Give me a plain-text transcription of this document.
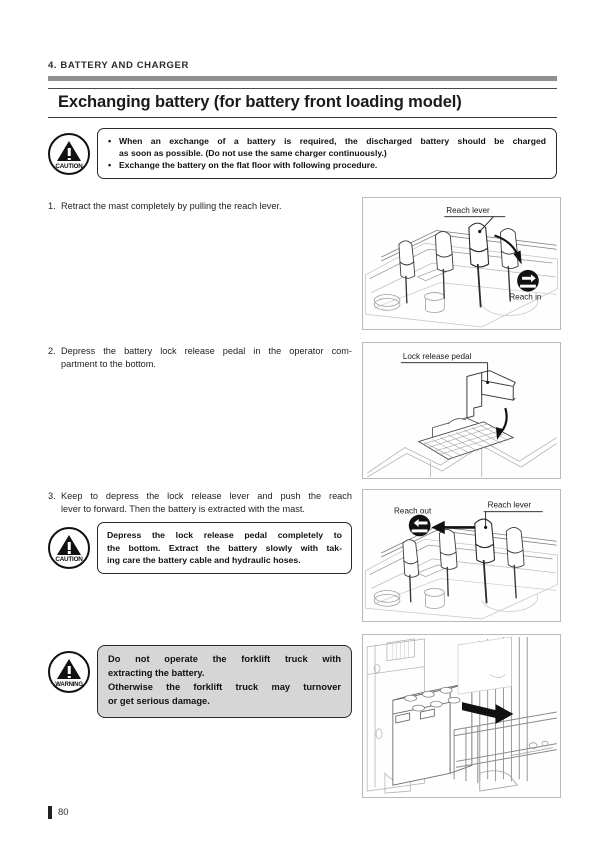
4. BATTERY AND CHARGER
Exchanging battery (for battery front loading model)
CAUTION
• When an exchange of a battery is required, the discharged battery should be charged
as soon as possible. (Do not use the same charger continuously.)
• Exchange the battery on the flat floor with following procedure.
1. Retract the mast completely by pulling the reach lever.	Reach lever
Reach in
2. Depress the battery lock release pedal in the operator com-
partment to the bottom.
Lock release pedal
3. Keep to depress the lock release lever and push the reach
lever to forward. Then the battery is extracted with the mast.
CAUTION
Depress the lock release pedal completely to
the bottom. Extract the battery slowly with tak-
ing care the battery cable and hydraulic hoses.
Reach out
Reach lever
WARNING
Do not operate the forklift truck with
extracting the battery.
Otherwise the forklift truck may turnover
or get serious damage.
80
